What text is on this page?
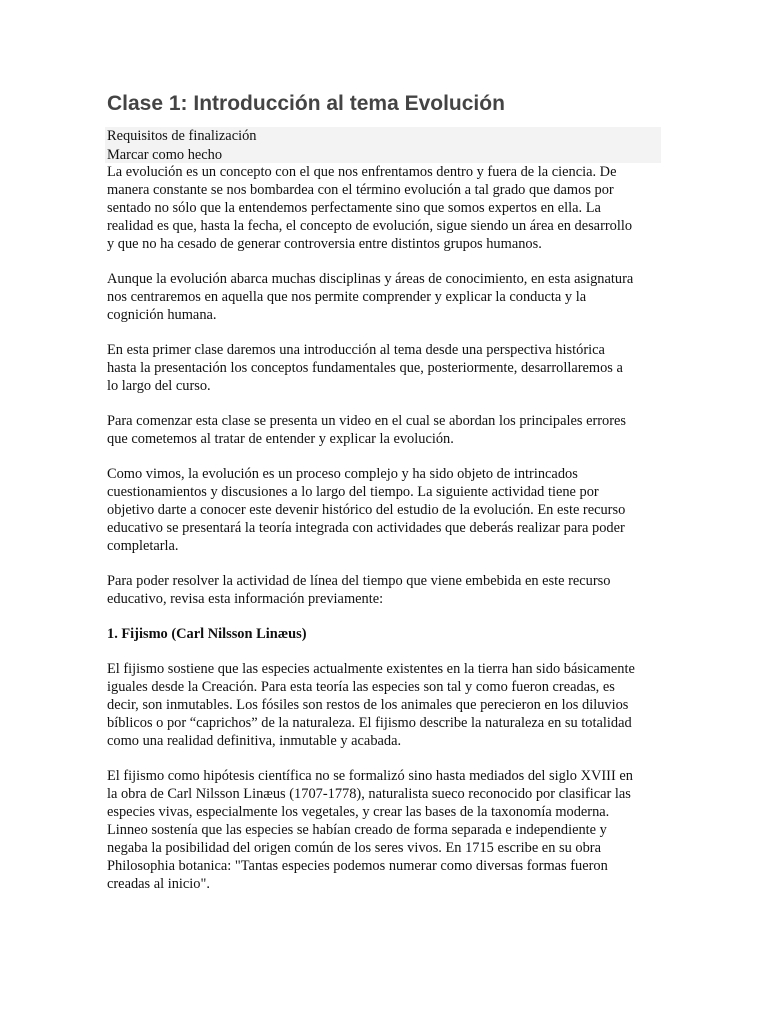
Clase 1: Introducción al tema Evolución
Requisitos de finalización
Marcar como hecho

La evolución es un concepto con el que nos enfrentamos dentro y fuera de la ciencia. De
manera constante se nos bombardea con el término evolución a tal grado que damos por
sentado no sólo que la entendemos perfectamente sino que somos expertos en ella. La
realidad es que, hasta la fecha, el concepto de evolución, sigue siendo un área en desarrollo
y que no ha cesado de generar controversia entre distintos grupos humanos.

Aunque la evolución abarca muchas disciplinas y áreas de conocimiento, en esta asignatura
nos centraremos en aquella que nos permite comprender y explicar la conducta y la
cognición humana.

En esta primer clase daremos una introducción al tema desde una perspectiva histórica
hasta la presentación los conceptos fundamentales que, posteriormente, desarrollaremos a
lo largo del curso.

Para comenzar esta clase se presenta un video en el cual se abordan los principales errores
que cometemos al tratar de entender y explicar la evolución.

Como vimos, la evolución es un proceso complejo y ha sido objeto de intrincados
cuestionamientos y discusiones a lo largo del tiempo. La siguiente actividad tiene por
objetivo darte a conocer este devenir histórico del estudio de la evolución. En este recurso
educativo se presentará la teoría integrada con actividades que deberás realizar para poder
completarla.

Para poder resolver la actividad de línea del tiempo que viene embebida en este recurso
educativo, revisa esta información previamente:

1. Fijismo (Carl Nilsson Linæus)

El fijismo sostiene que las especies actualmente existentes en la tierra han sido básicamente
iguales desde la Creación. Para esta teoría las especies son tal y como fueron creadas, es
decir, son inmutables. Los fósiles son restos de los animales que perecieron en los diluvios
bíblicos o por “caprichos” de la naturaleza. El fijismo describe la naturaleza en su totalidad
como una realidad definitiva, inmutable y acabada.

El fijismo como hipótesis científica no se formalizó sino hasta mediados del siglo XVIII en
la obra de Carl Nilsson Linæus (1707-1778), naturalista sueco reconocido por clasificar las
especies vivas, especialmente los vegetales, y crear las bases de la taxonomía moderna.
Linneo sostenía que las especies se habían creado de forma separada e independiente y
negaba la posibilidad del origen común de los seres vivos. En 1715 escribe en su obra
Philosophia botanica: "Tantas especies podemos numerar como diversas formas fueron
creadas al inicio".
